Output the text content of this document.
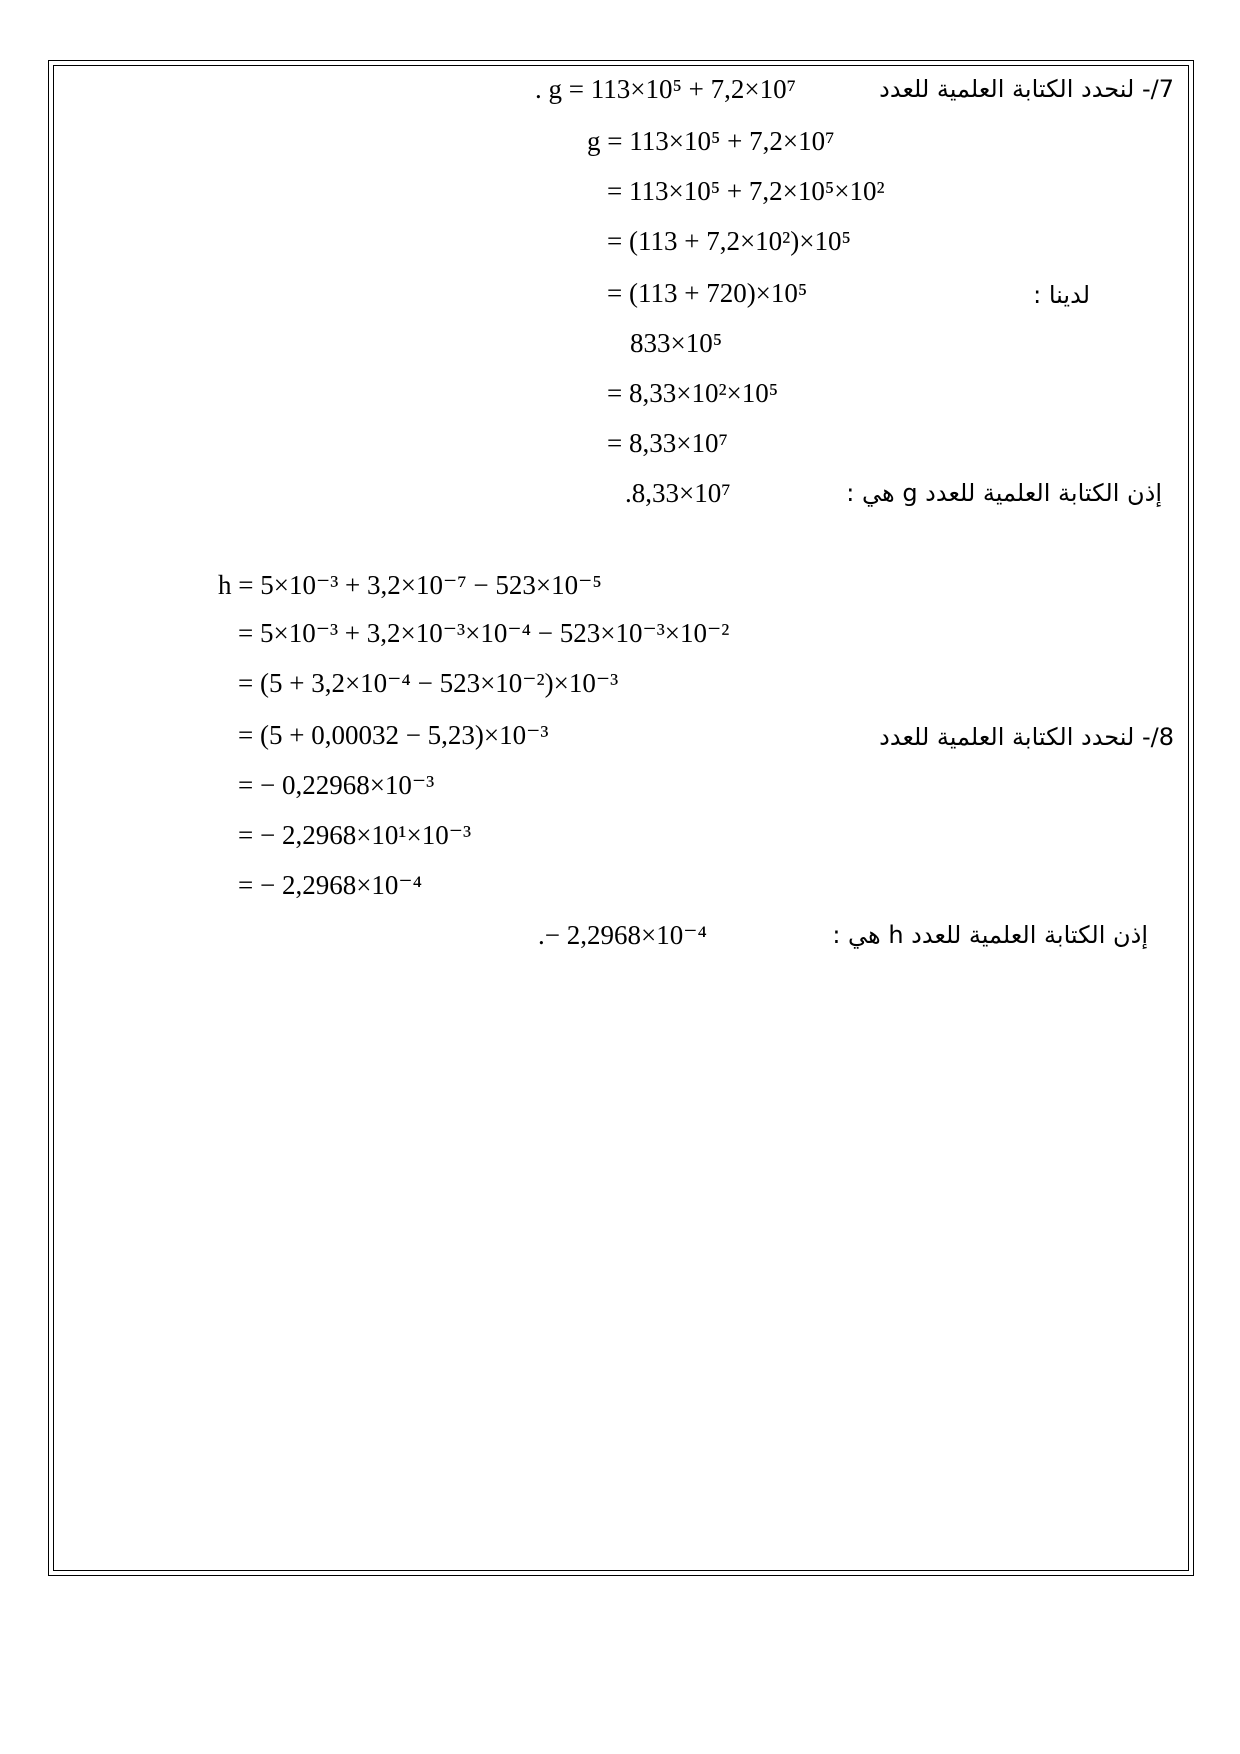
7/- لنحدد الكتابة العلمية للعدد
. g = 113×10⁵ + 7,2×10⁷
g = 113×10⁵ + 7,2×10⁷
= 113×10⁵ + 7,2×10⁵×10²
= (113 + 7,2×10²)×10⁵
= (113 + 720)×10⁵	لدينا :
833×10⁵
= 8,33×10²×10⁵
= 8,33×10⁷
إذن الكتابة العلمية للعدد g هي :
.8,33×10⁷
h = 5×10⁻³ + 3,2×10⁻⁷ − 523×10⁻⁵
= 5×10⁻³ + 3,2×10⁻³×10⁻⁴ − 523×10⁻³×10⁻²
= (5 + 3,2×10⁻⁴ − 523×10⁻²)×10⁻³
= (5 + 0,00032 − 5,23)×10⁻³	8/- لنحدد الكتابة العلمية للعدد
= − 0,22968×10⁻³
= − 2,2968×10¹×10⁻³
= − 2,2968×10⁻⁴
إذن الكتابة العلمية للعدد h هي :
.− 2,2968×10⁻⁴
